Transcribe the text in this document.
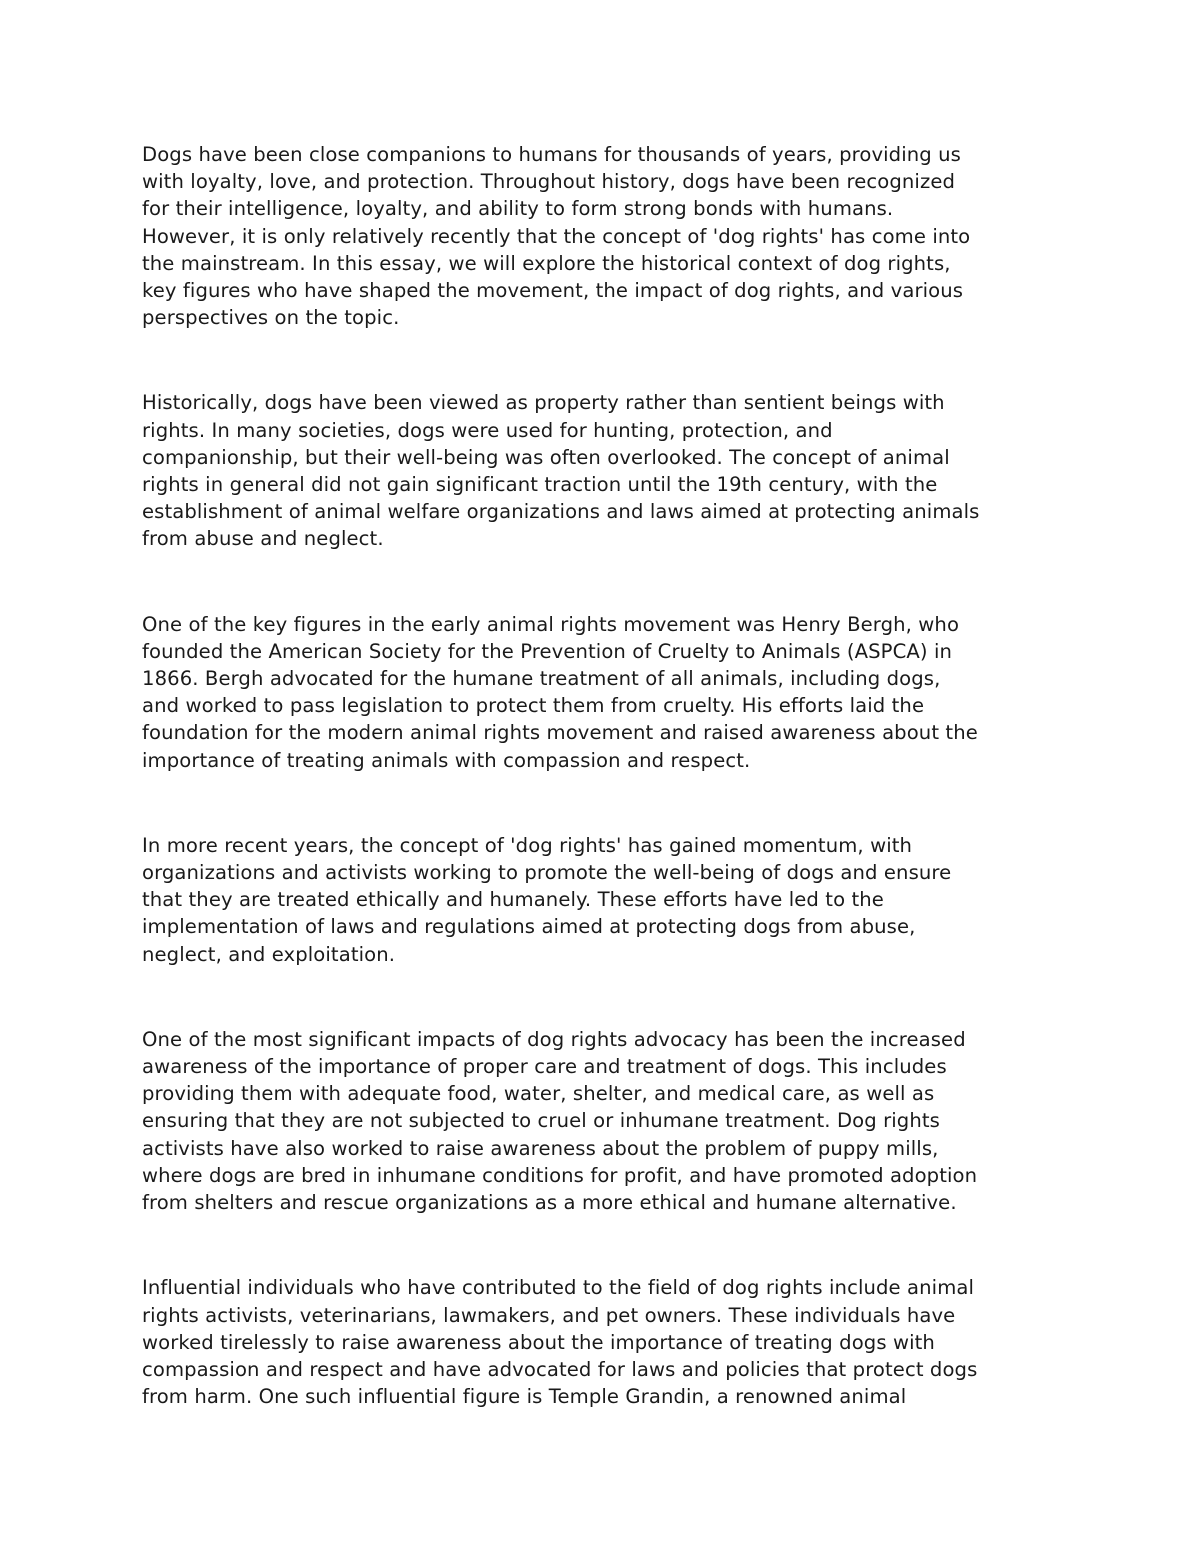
Dogs have been close companions to humans for thousands of years, providing us
with loyalty, love, and protection. Throughout history, dogs have been recognized
for their intelligence, loyalty, and ability to form strong bonds with humans.
However, it is only relatively recently that the concept of 'dog rights' has come into
the mainstream. In this essay, we will explore the historical context of dog rights,
key figures who have shaped the movement, the impact of dog rights, and various
perspectives on the topic.

Historically, dogs have been viewed as property rather than sentient beings with
rights. In many societies, dogs were used for hunting, protection, and
companionship, but their well-being was often overlooked. The concept of animal
rights in general did not gain significant traction until the 19th century, with the
establishment of animal welfare organizations and laws aimed at protecting animals
from abuse and neglect.

One of the key figures in the early animal rights movement was Henry Bergh, who
founded the American Society for the Prevention of Cruelty to Animals (ASPCA) in
1866. Bergh advocated for the humane treatment of all animals, including dogs,
and worked to pass legislation to protect them from cruelty. His efforts laid the
foundation for the modern animal rights movement and raised awareness about the
importance of treating animals with compassion and respect.

In more recent years, the concept of 'dog rights' has gained momentum, with
organizations and activists working to promote the well-being of dogs and ensure
that they are treated ethically and humanely. These efforts have led to the
implementation of laws and regulations aimed at protecting dogs from abuse,
neglect, and exploitation.

One of the most significant impacts of dog rights advocacy has been the increased
awareness of the importance of proper care and treatment of dogs. This includes
providing them with adequate food, water, shelter, and medical care, as well as
ensuring that they are not subjected to cruel or inhumane treatment. Dog rights
activists have also worked to raise awareness about the problem of puppy mills,
where dogs are bred in inhumane conditions for profit, and have promoted adoption
from shelters and rescue organizations as a more ethical and humane alternative.

Influential individuals who have contributed to the field of dog rights include animal
rights activists, veterinarians, lawmakers, and pet owners. These individuals have
worked tirelessly to raise awareness about the importance of treating dogs with
compassion and respect and have advocated for laws and policies that protect dogs
from harm. One such influential figure is Temple Grandin, a renowned animal
